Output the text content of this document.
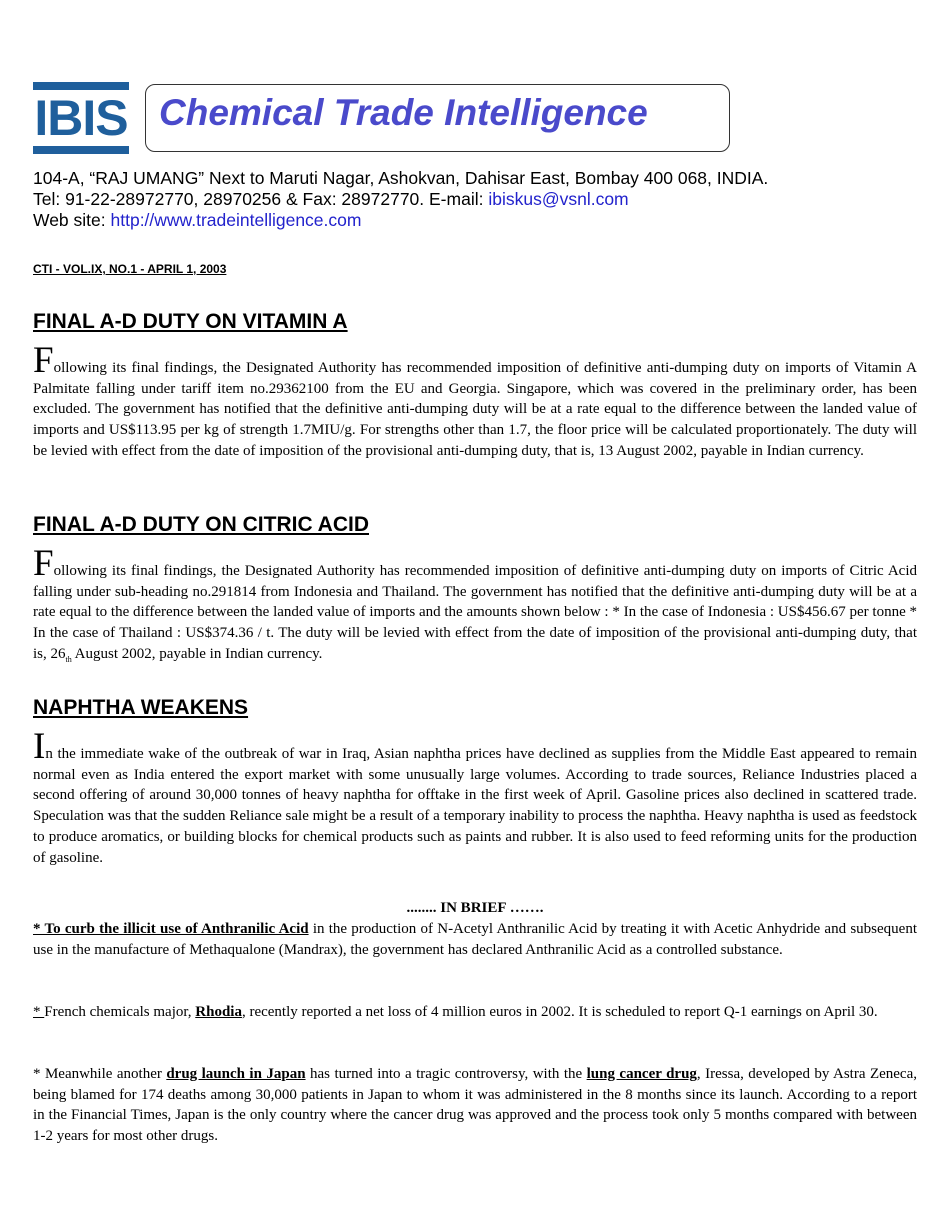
IBIS Chemical Trade Intelligence
104-A, “RAJ UMANG” Next to Maruti Nagar, Ashokvan, Dahisar East, Bombay 400 068, INDIA.
Tel: 91-22-28972770, 28970256 & Fax: 28972770. E-mail: ibiskus@vsnl.com
Web site: http://www.tradeintelligence.com
CTI - VOL.IX, NO.1 - APRIL 1, 2003
FINAL A-D DUTY ON VITAMIN A
Following its final findings, the Designated Authority has recommended imposition of definitive anti-dumping duty on imports of Vitamin A Palmitate falling under tariff item no.29362100 from the EU and Georgia. Singapore, which was covered in the preliminary order, has been excluded. The government has notified that the definitive anti-dumping duty will be at a rate equal to the difference between the landed value of imports and US$113.95 per kg of strength 1.7MIU/g. For strengths other than 1.7, the floor price will be calculated proportionately. The duty will be levied with effect from the date of imposition of the provisional anti-dumping duty, that is, 13 August 2002, payable in Indian currency.
FINAL A-D DUTY ON CITRIC ACID
Following its final findings, the Designated Authority has recommended imposition of definitive anti-dumping duty on imports of Citric Acid falling under sub-heading no.291814 from Indonesia and Thailand. The government has notified that the definitive anti-dumping duty will be at a rate equal to the difference between the landed value of imports and the amounts shown below : * In the case of Indonesia : US$456.67 per tonne * In the case of Thailand : US$374.36 / t. The duty will be levied with effect from the date of imposition of the provisional anti-dumping duty, that is, $26_{th}$ August 2002, payable in Indian currency.
NAPHTHA WEAKENS
In the immediate wake of the outbreak of war in Iraq, Asian naphtha prices have declined as supplies from the Middle East appeared to remain normal even as India entered the export market with some unusually large volumes. According to trade sources, Reliance Industries placed a second offering of around 30,000 tonnes of heavy naphtha for offtake in the first week of April. Gasoline prices also declined in scattered trade. Speculation was that the sudden Reliance sale might be a result of a temporary inability to process the naphtha. Heavy naphtha is used as feedstock to produce aromatics, or building blocks for chemical products such as paints and rubber. It is also used to feed reforming units for the production of gasoline.
........ IN BRIEF …….
* To curb the illicit use of Anthranilic Acid in the production of N-Acetyl Anthranilic Acid by treating it with Acetic Anhydride and subsequent use in the manufacture of Methaqualone (Mandrax), the government has declared Anthranilic Acid as a controlled substance.
* French chemicals major, Rhodia, recently reported a net loss of 4 million euros in 2002. It is scheduled to report Q-1 earnings on April 30.
* Meanwhile another drug launch in Japan has turned into a tragic controversy, with the lung cancer drug, Iressa, developed by Astra Zeneca, being blamed for 174 deaths among 30,000 patients in Japan to whom it was administered in the 8 months since its launch. According to a report in the Financial Times, Japan is the only country where the cancer drug was approved and the process took only 5 months compared with between 1-2 years for most other drugs.
